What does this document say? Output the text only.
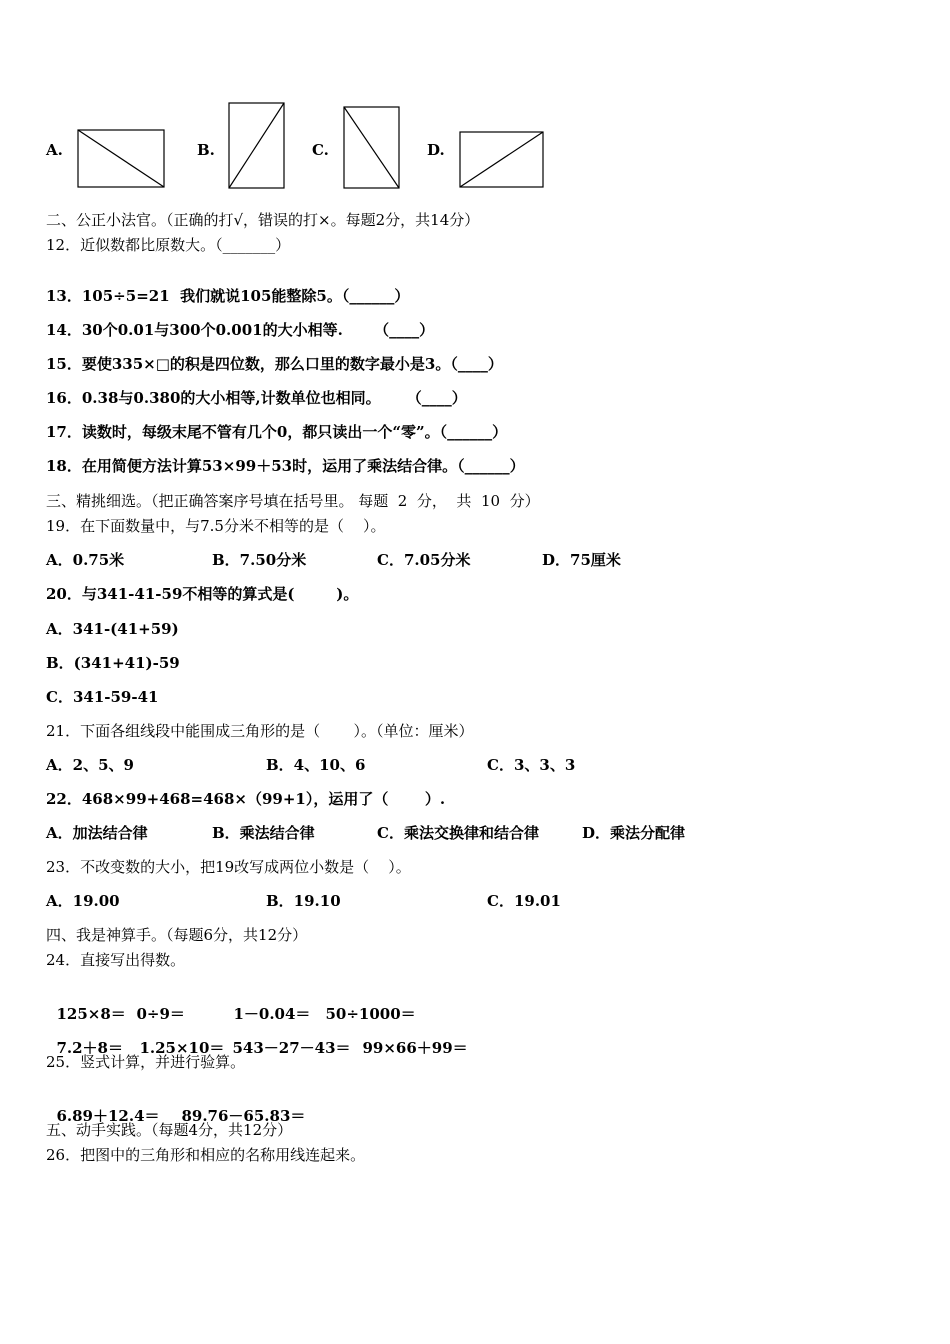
A.	B.	C.	D.
二、公正小法官。（正确的打√，错误的打×。每题2分，共14分）
12．近似数都比原数大。（_______）
13．105÷5=21  我们就说105能整除5。（______）
14．30个0.01与300个0.001的大小相等.      （____）
15．要使335×□的积是四位数，那么口里的数字最小是3。（____）
16．0.38与0.380的大小相等,计数单位也相同。     （____）
17．读数时，每级末尾不管有几个0，都只读出一个“零”。（______）
18．在用简便方法计算53×99＋53时，运用了乘法结合律。（______）
三、精挑细选。（把正确答案序号填在括号里。 每题  2  分，  共  10  分）
19．在下面数量中，与7.5分米不相等的是（    ）。
A．0.75米	B．7.50分米	C．7.05分米	D．75厘米
20．与341-41-59不相等的算式是(        )。
A．341-(41+59)
B．(341+41)-59
C．341-59-41
21．下面各组线段中能围成三角形的是（       ）。（单位：厘米）
A．2、5、9	B．4、10、6	C．3、3、3
22．468×99+468=468×（99+1），运用了（       ）.
A．加法结合律	B．乘法结合律	C．乘法交换律和结合律	D．乘法分配律
23．不改变数的大小，把19改写成两位小数是（    ）。
A．19.00	B．19.10	C．19.01
四、我是神算手。（每题6分，共12分）
24．直接写出得数。

125×8＝ 0÷9＝	1－0.04＝ 50÷1000＝

7.2＋8＝ 1.25×10＝ 543－27－43＝ 99×66＋99＝

25．竖式计算，并进行验算。

6.89＋12.4＝ 89.76－65.83＝

五、动手实践。（每题4分，共12分）
26．把图中的三角形和相应的名称用线连起来。
